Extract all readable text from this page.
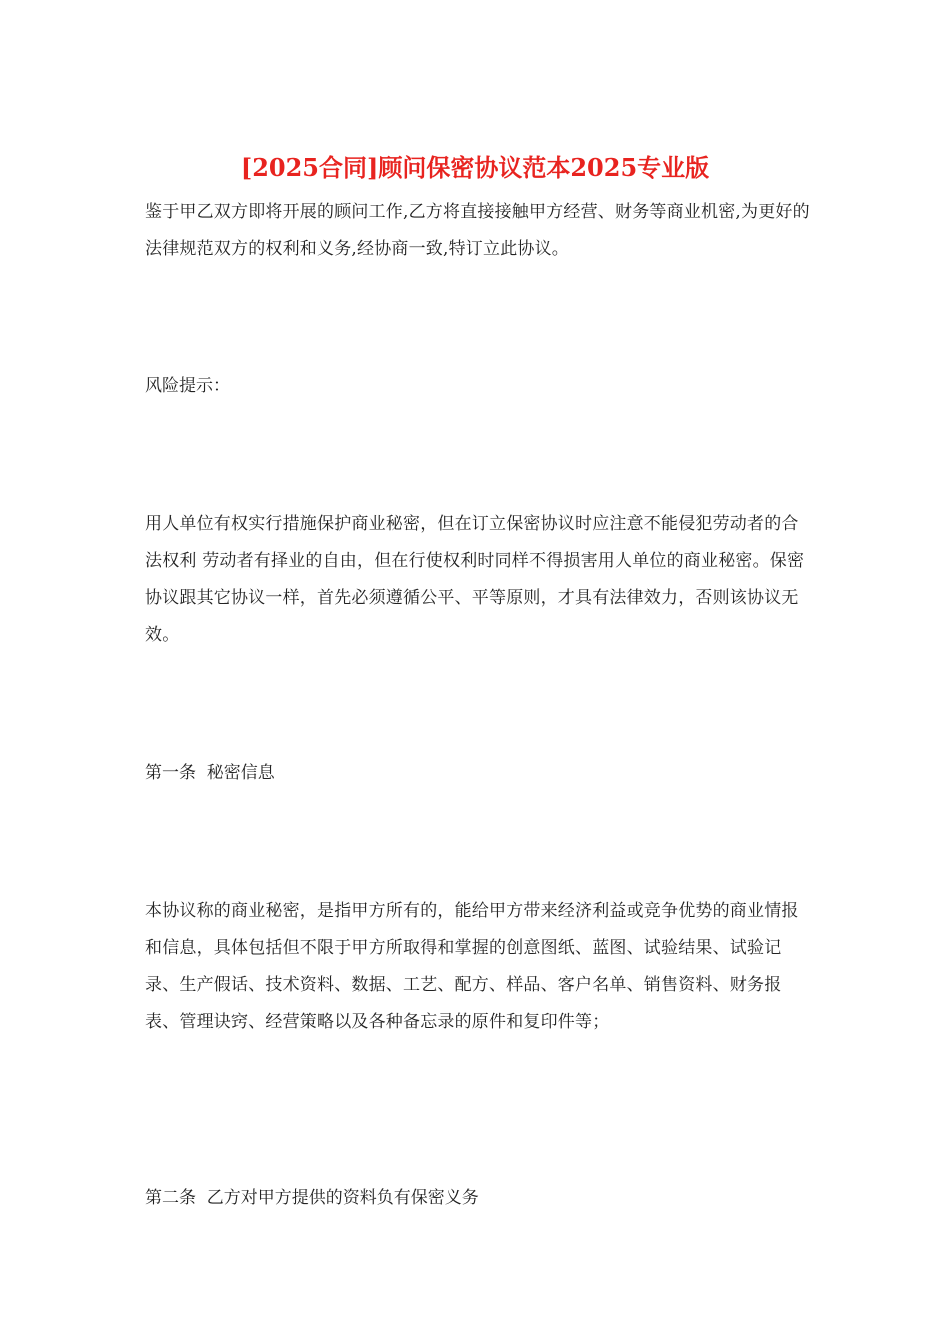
[2025合同]顾问保密协议范本2025专业版

鉴于甲乙双方即将开展的顾问工作,乙方将直接接触甲方经营、财务等商业机密,为更好的法律规范双方的权利和义务,经协商一致,特订立此协议。

风险提示：

用人单位有权实行措施保护商业秘密，但在订立保密协议时应注意不能侵犯劳动者的合法权利 劳动者有择业的自由，但在行使权利时同样不得损害用人单位的商业秘密。保密协议跟其它协议一样，首先必须遵循公平、平等原则，才具有法律效力，否则该协议无效。

第一条  秘密信息

本协议称的商业秘密，是指甲方所有的，能给甲方带来经济利益或竞争优势的商业情报和信息，具体包括但不限于甲方所取得和掌握的创意图纸、蓝图、试验结果、试验记录、生产假话、技术资料、数据、工艺、配方、样品、客户名单、销售资料、财务报表、管理诀窍、经营策略以及各种备忘录的原件和复印件等；

第二条  乙方对甲方提供的资料负有保密义务
